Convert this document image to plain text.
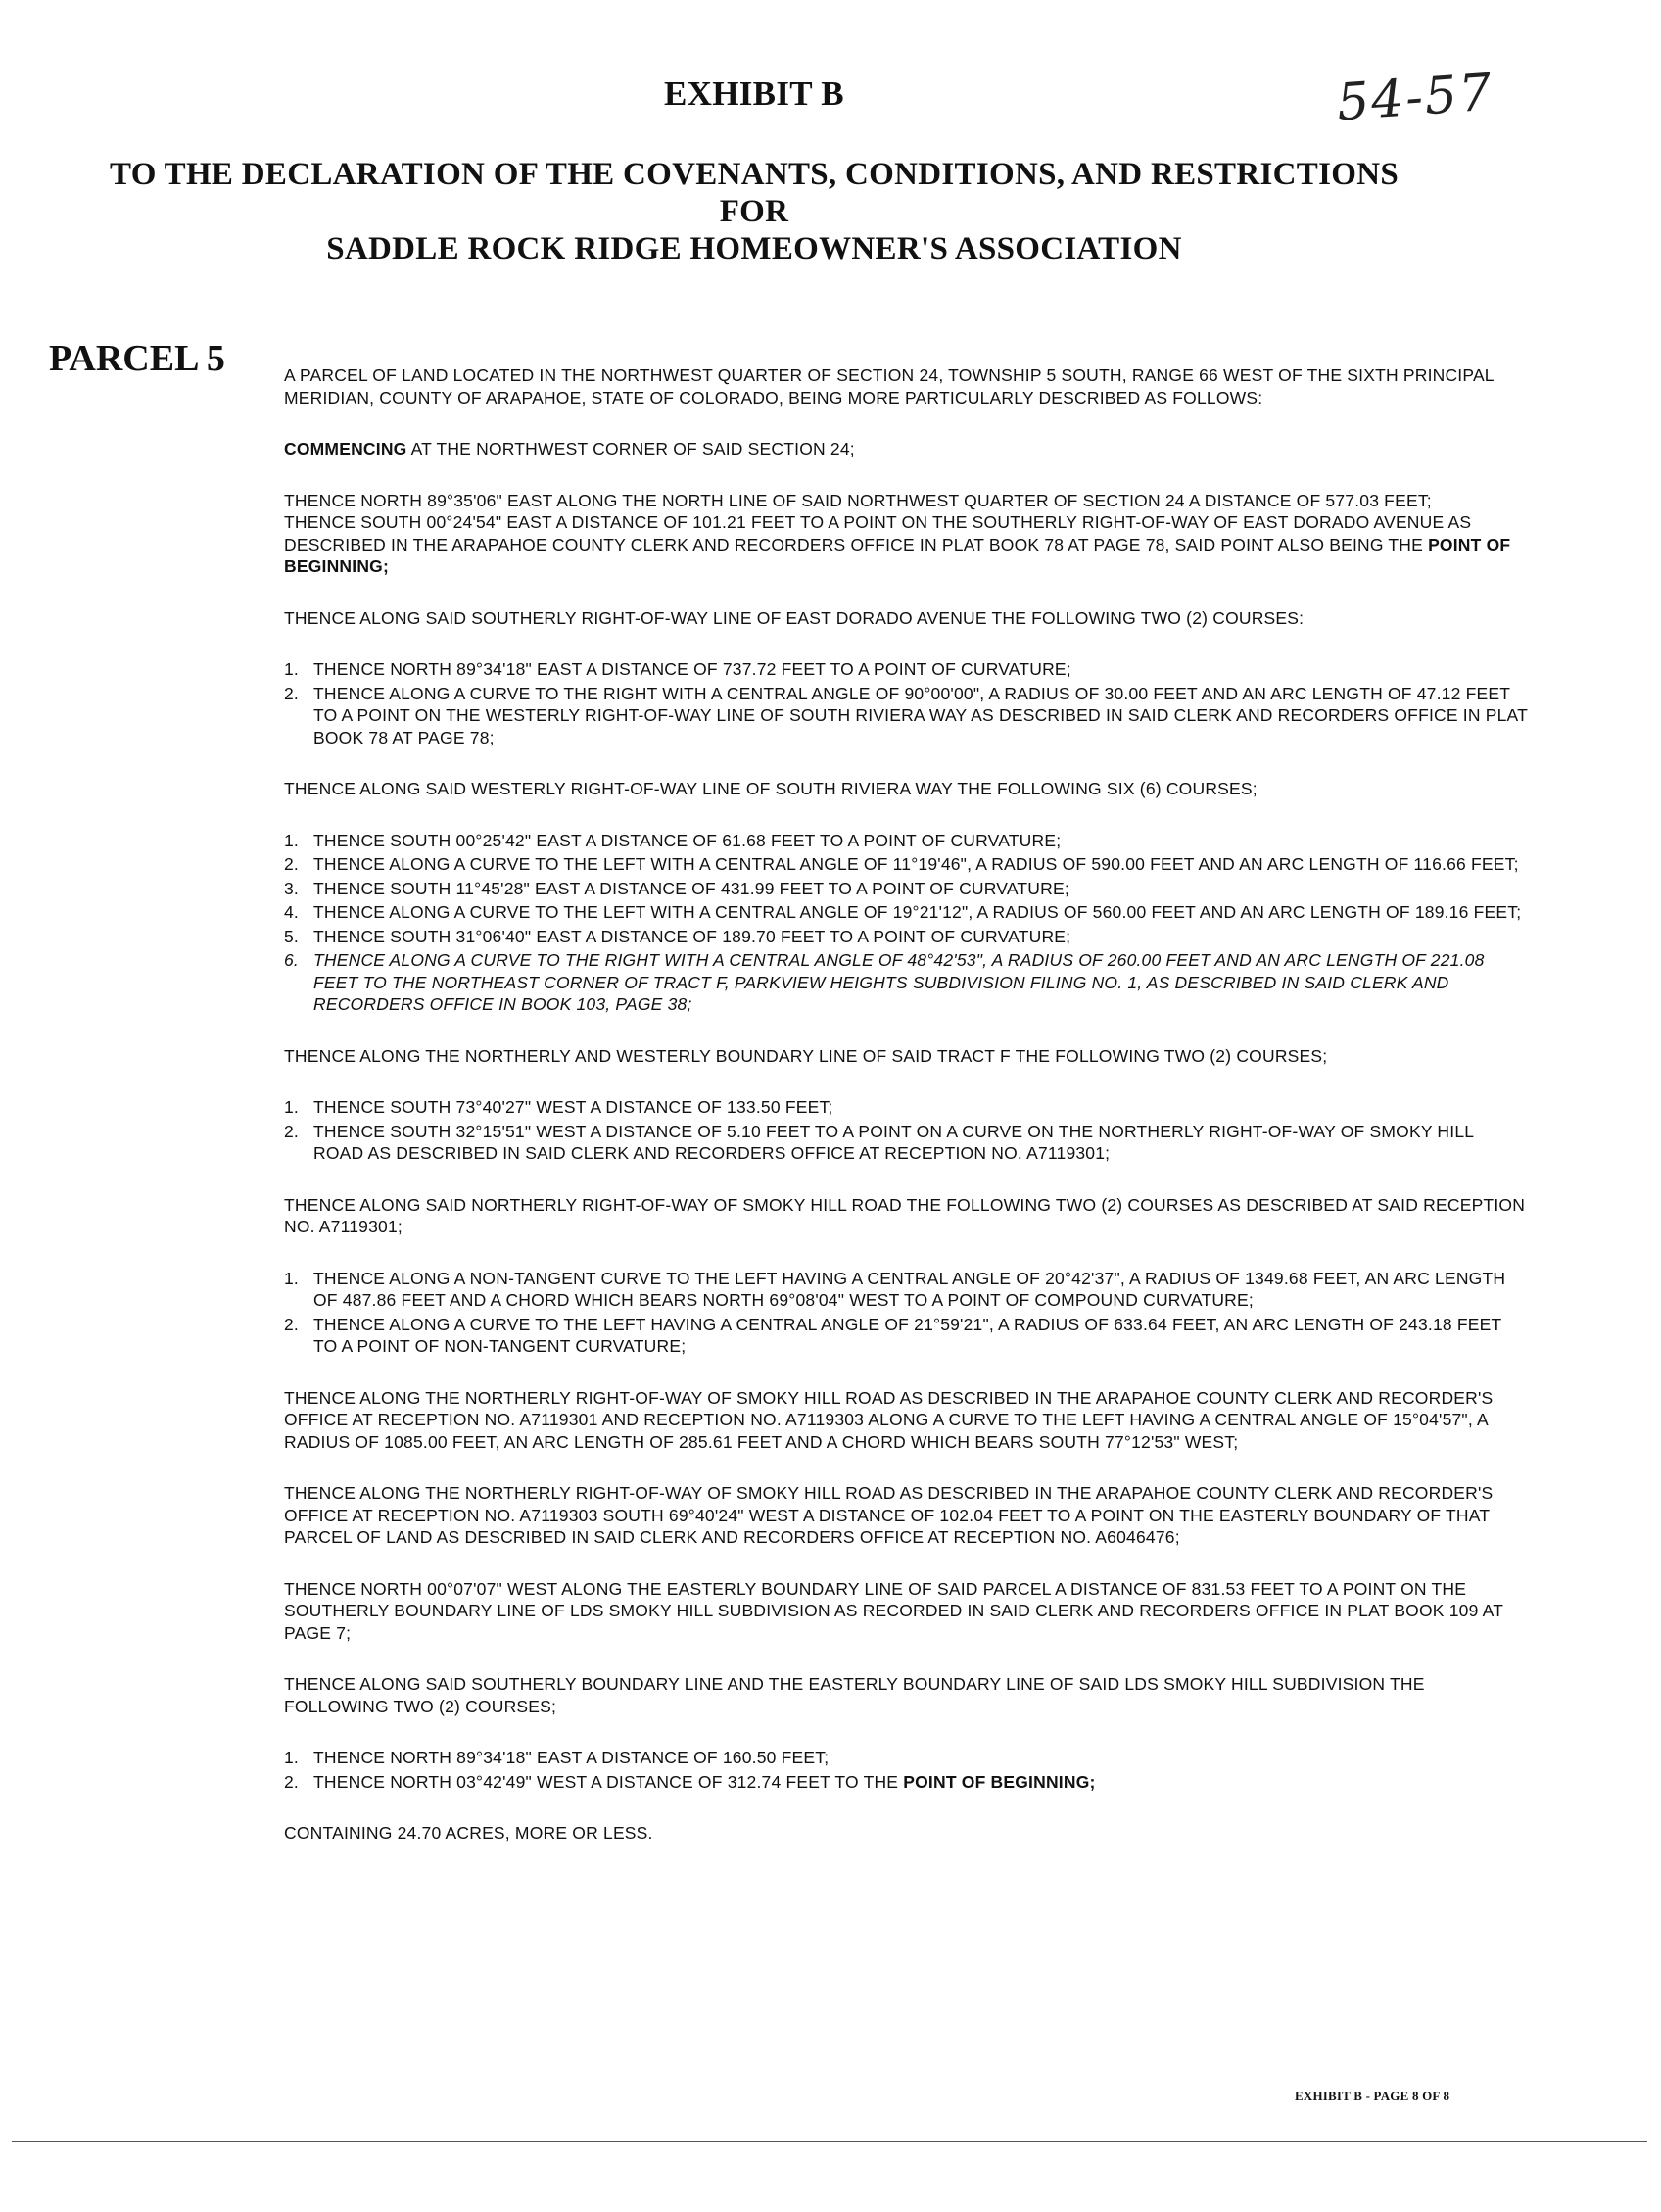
EXHIBIT B	54-57
TO THE DECLARATION OF THE COVENANTS, CONDITIONS, AND RESTRICTIONS
FOR
SADDLE ROCK RIDGE HOMEOWNER'S ASSOCIATION
PARCEL 5	A PARCEL OF LAND LOCATED IN THE NORTHWEST QUARTER OF SECTION 24, TOWNSHIP 5 SOUTH, RANGE 66 WEST OF THE SIXTH PRINCIPAL MERIDIAN, COUNTY OF ARAPAHOE, STATE OF COLORADO, BEING MORE PARTICULARLY DESCRIBED AS FOLLOWS:

COMMENCING AT THE NORTHWEST CORNER OF SAID SECTION 24;

THENCE NORTH 89°35'06" EAST ALONG THE NORTH LINE OF SAID NORTHWEST QUARTER OF SECTION 24 A DISTANCE OF 577.03 FEET;

THENCE SOUTH 00°24'54" EAST A DISTANCE OF 101.21 FEET TO A POINT ON THE SOUTHERLY RIGHT-OF-WAY OF EAST DORADO AVENUE AS DESCRIBED IN THE ARAPAHOE COUNTY CLERK AND RECORDERS OFFICE IN PLAT BOOK 78 AT PAGE 78, SAID POINT ALSO BEING THE POINT OF BEGINNING;

THENCE ALONG SAID SOUTHERLY RIGHT-OF-WAY LINE OF EAST DORADO AVENUE THE FOLLOWING TWO (2) COURSES:

1. THENCE NORTH 89°34'18" EAST A DISTANCE OF 737.72 FEET TO A POINT OF CURVATURE;
2. THENCE ALONG A CURVE TO THE RIGHT WITH A CENTRAL ANGLE OF 90°00'00", A RADIUS OF 30.00 FEET AND AN ARC LENGTH OF 47.12 FEET TO A POINT ON THE WESTERLY RIGHT-OF-WAY LINE OF SOUTH RIVIERA WAY AS DESCRIBED IN SAID CLERK AND RECORDERS OFFICE IN PLAT BOOK 78 AT PAGE 78;

THENCE ALONG SAID WESTERLY RIGHT-OF-WAY LINE OF SOUTH RIVIERA WAY THE FOLLOWING SIX (6) COURSES;

1. THENCE SOUTH 00°25'42" EAST A DISTANCE OF 61.68 FEET TO A POINT OF CURVATURE;
2. THENCE ALONG A CURVE TO THE LEFT WITH A CENTRAL ANGLE OF 11°19'46", A RADIUS OF 590.00 FEET AND AN ARC LENGTH OF 116.66 FEET;
3. THENCE SOUTH 11°45'28" EAST A DISTANCE OF 431.99 FEET TO A POINT OF CURVATURE;
4. THENCE ALONG A CURVE TO THE LEFT WITH A CENTRAL ANGLE OF 19°21'12", A RADIUS OF 560.00 FEET AND AN ARC LENGTH OF 189.16 FEET;
5. THENCE SOUTH 31°06'40" EAST A DISTANCE OF 189.70 FEET TO A POINT OF CURVATURE;
6. THENCE ALONG A CURVE TO THE RIGHT WITH A CENTRAL ANGLE OF 48°42'53", A RADIUS OF 260.00 FEET AND AN ARC LENGTH OF 221.08 FEET TO THE NORTHEAST CORNER OF TRACT F, PARKVIEW HEIGHTS SUBDIVISION FILING NO. 1, AS DESCRIBED IN SAID CLERK AND RECORDERS OFFICE IN BOOK 103, PAGE 38;

THENCE ALONG THE NORTHERLY AND WESTERLY BOUNDARY LINE OF SAID TRACT F THE FOLLOWING TWO (2) COURSES;

1. THENCE SOUTH 73°40'27" WEST A DISTANCE OF 133.50 FEET;
2. THENCE SOUTH 32°15'51" WEST A DISTANCE OF 5.10 FEET TO A POINT ON A CURVE ON THE NORTHERLY RIGHT-OF-WAY OF SMOKY HILL ROAD AS DESCRIBED IN SAID CLERK AND RECORDERS OFFICE AT RECEPTION NO. A7119301;

THENCE ALONG SAID NORTHERLY RIGHT-OF-WAY OF SMOKY HILL ROAD THE FOLLOWING TWO (2) COURSES AS DESCRIBED AT SAID RECEPTION NO. A7119301;

1. THENCE ALONG A NON-TANGENT CURVE TO THE LEFT HAVING A CENTRAL ANGLE OF 20°42'37", A RADIUS OF 1349.68 FEET, AN ARC LENGTH OF 487.86 FEET AND A CHORD WHICH BEARS NORTH 69°08'04" WEST TO A POINT OF COMPOUND CURVATURE;
2. THENCE ALONG A CURVE TO THE LEFT HAVING A CENTRAL ANGLE OF 21°59'21", A RADIUS OF 633.64 FEET, AN ARC LENGTH OF 243.18 FEET TO A POINT OF NON-TANGENT CURVATURE;

THENCE ALONG THE NORTHERLY RIGHT-OF-WAY OF SMOKY HILL ROAD AS DESCRIBED IN THE ARAPAHOE COUNTY CLERK AND RECORDER'S OFFICE AT RECEPTION NO. A7119301 AND RECEPTION NO. A7119303 ALONG A CURVE TO THE LEFT HAVING A CENTRAL ANGLE OF 15°04'57", A RADIUS OF 1085.00 FEET, AN ARC LENGTH OF 285.61 FEET AND A CHORD WHICH BEARS SOUTH 77°12'53" WEST;

THENCE ALONG THE NORTHERLY RIGHT-OF-WAY OF SMOKY HILL ROAD AS DESCRIBED IN THE ARAPAHOE COUNTY CLERK AND RECORDER'S OFFICE AT RECEPTION NO. A7119303 SOUTH 69°40'24" WEST A DISTANCE OF 102.04 FEET TO A POINT ON THE EASTERLY BOUNDARY OF THAT PARCEL OF LAND AS DESCRIBED IN SAID CLERK AND RECORDERS OFFICE AT RECEPTION NO. A6046476;

THENCE NORTH 00°07'07" WEST ALONG THE EASTERLY BOUNDARY LINE OF SAID PARCEL A DISTANCE OF 831.53 FEET TO A POINT ON THE SOUTHERLY BOUNDARY LINE OF LDS SMOKY HILL SUBDIVISION AS RECORDED IN SAID CLERK AND RECORDERS OFFICE IN PLAT BOOK 109 AT PAGE 7;

THENCE ALONG SAID SOUTHERLY BOUNDARY LINE AND THE EASTERLY BOUNDARY LINE OF SAID LDS SMOKY HILL SUBDIVISION THE FOLLOWING TWO (2) COURSES;

1. THENCE NORTH 89°34'18" EAST A DISTANCE OF 160.50 FEET;
2. THENCE NORTH 03°42'49" WEST A DISTANCE OF 312.74 FEET TO THE POINT OF BEGINNING;

CONTAINING 24.70 ACRES, MORE OR LESS.

EXHIBIT B - PAGE 8 OF 8
